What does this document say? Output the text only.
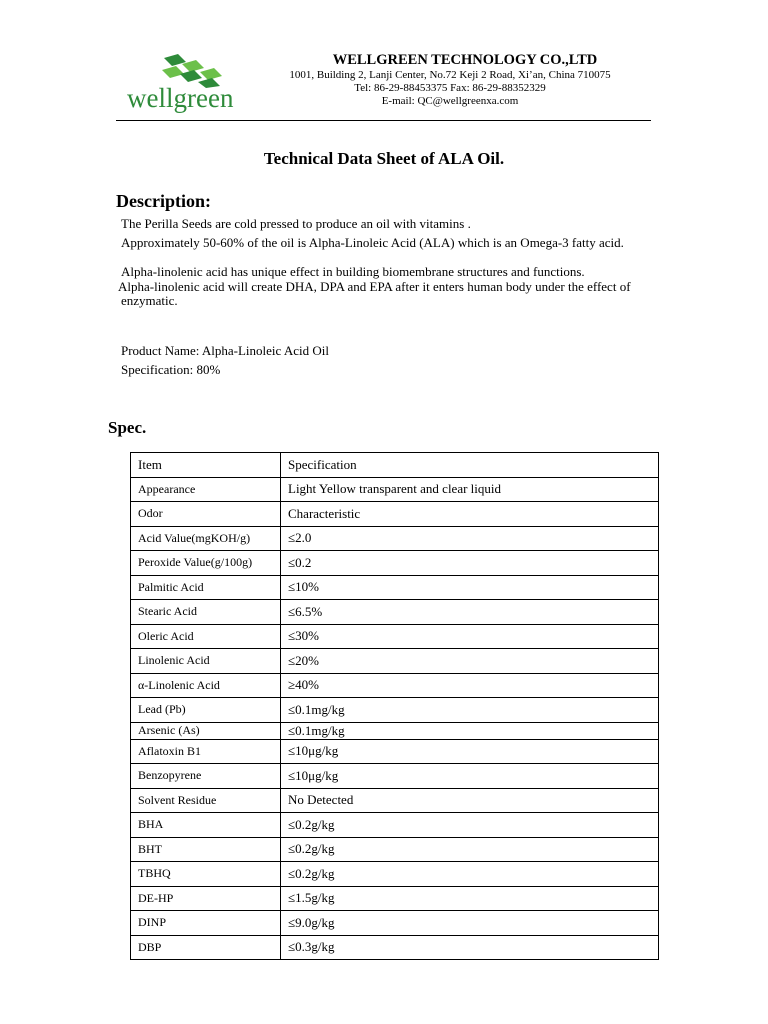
wellgreen
WELLGREEN TECHNOLOGY CO.,LTD
1001, Building 2, Lanji Center, No.72 Keji 2 Road, Xi’an, China 710075
Tel: 86-29-88453375 Fax: 86-29-88352329
E-mail: QC@wellgreenxa.com
Technical Data Sheet of ALA Oil.
Description:
The Perilla Seeds are cold pressed to produce an oil with vitamins .
Approximately 50-60% of the oil is Alpha-Linoleic Acid (ALA) which is an Omega-3 fatty acid.
Alpha-linolenic acid has unique effect in building biomembrane structures and functions.
Alpha-linolenic acid will create DHA, DPA and EPA after it enters human body under the effect of
enzymatic.
Product Name: Alpha-Linoleic Acid Oil
Specification: 80%
Spec.
Item	Specification
Appearance	Light Yellow transparent and clear liquid
Odor	Characteristic
Acid Value(mgKOH/g)	≤2.0
Peroxide Value(g/100g)	≤0.2
Palmitic Acid	≤10%
Stearic Acid	≤6.5%
Oleric Acid	≤30%
Linolenic Acid	≤20%
α-Linolenic Acid	≥40%
Lead (Pb)	≤0.1mg/kg
Arsenic (As)	≤0.1mg/kg
Aflatoxin B1	≤10μg/kg
Benzopyrene	≤10μg/kg
Solvent Residue	No Detected
BHA	≤0.2g/kg
BHT	≤0.2g/kg
TBHQ	≤0.2g/kg
DE-HP	≤1.5g/kg
DINP	≤9.0g/kg
DBP	≤0.3g/kg
